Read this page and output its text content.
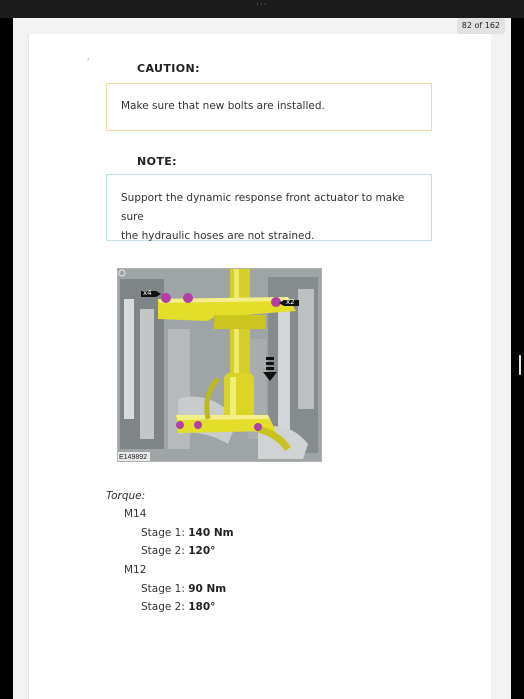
···
82 of 162
›
CAUTION:
Make sure that new bolts are installed.
NOTE:
Support the dynamic response front actuator to make sure
the hydraulic hoses are not strained.
x4
x2
E149892
Torque:
M14
Stage 1: 140 Nm
Stage 2: 120°
M12
Stage 1: 90 Nm
Stage 2: 180°
